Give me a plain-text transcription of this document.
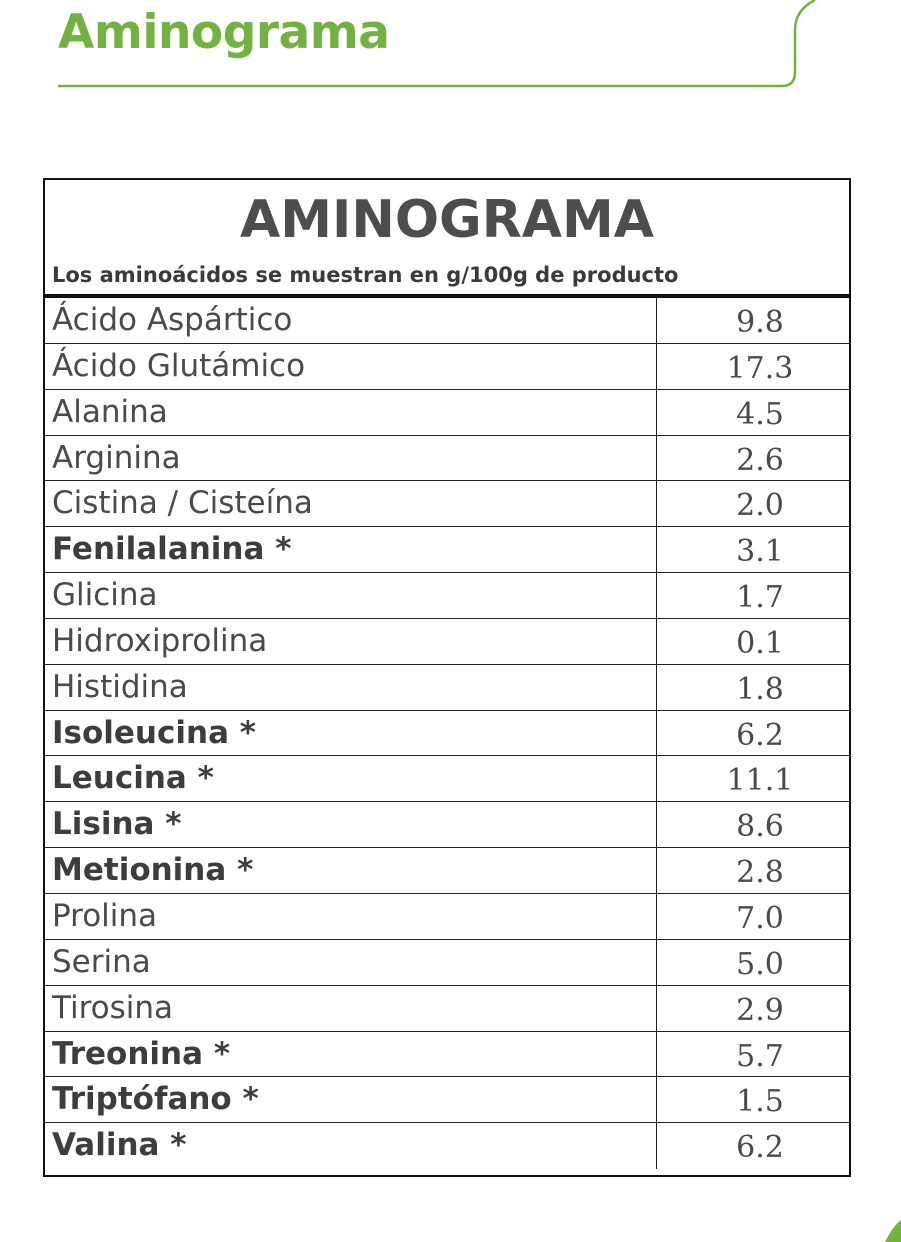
Aminograma
AMINOGRAMA
Los aminoácidos se muestran en g/100g de producto
Ácido Aspártico	9.8
Ácido Glutámico	17.3
Alanina	4.5
Arginina	2.6
Cistina / Cisteína	2.0
Fenilalanina *	3.1
Glicina	1.7
Hidroxiprolina	0.1
Histidina	1.8
Isoleucina *	6.2
Leucina *	11.1
Lisina *	8.6
Metionina *	2.8
Prolina	7.0
Serina	5.0
Tirosina	2.9
Treonina *	5.7
Triptófano *	1.5
Valina *	6.2
